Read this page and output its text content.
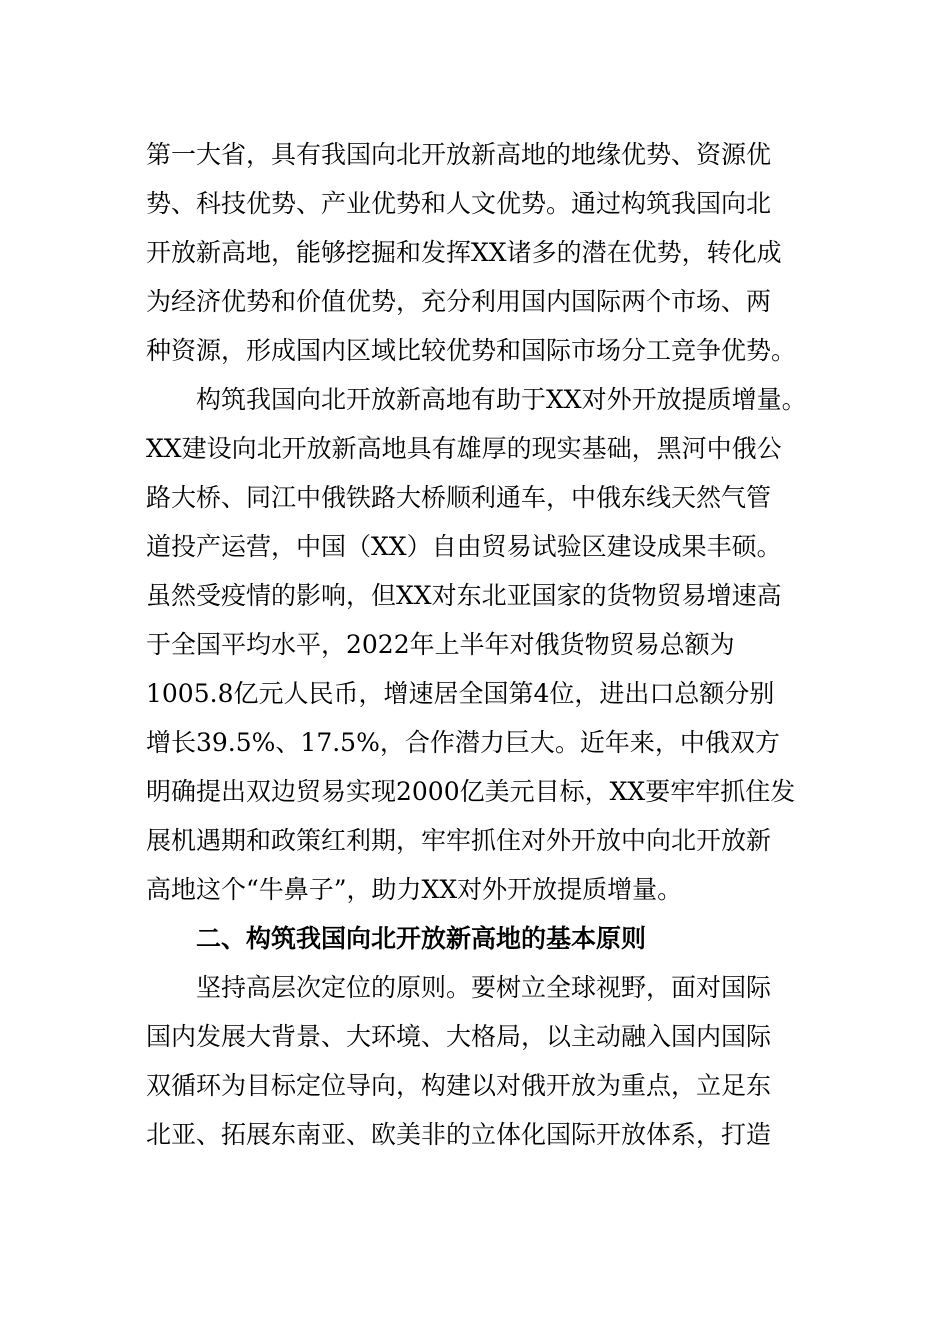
第一大省，具有我国向北开放新高地的地缘优势、资源优
势、科技优势、产业优势和人文优势。通过构筑我国向北
开放新高地，能够挖掘和发挥XX诸多的潜在优势，转化成
为经济优势和价值优势，充分利用国内国际两个市场、两
种资源，形成国内区域比较优势和国际市场分工竞争优势。
构筑我国向北开放新高地有助于XX对外开放提质增量。
XX建设向北开放新高地具有雄厚的现实基础，黑河中俄公
路大桥、同江中俄铁路大桥顺利通车，中俄东线天然气管
道投产运营，中国（XX）自由贸易试验区建设成果丰硕。
虽然受疫情的影响，但XX对东北亚国家的货物贸易增速高
于全国平均水平，2022年上半年对俄货物贸易总额为
1005.8亿元人民币，增速居全国第4位，进出口总额分别
增长39.5%、17.5%，合作潜力巨大。近年来，中俄双方
明确提出双边贸易实现2000亿美元目标，XX要牢牢抓住发
展机遇期和政策红利期，牢牢抓住对外开放中向北开放新
高地这个“牛鼻子”，助力XX对外开放提质增量。
二、构筑我国向北开放新高地的基本原则
坚持高层次定位的原则。要树立全球视野，面对国际
国内发展大背景、大环境、大格局，以主动融入国内国际
双循环为目标定位导向，构建以对俄开放为重点，立足东
北亚、拓展东南亚、欧美非的立体化国际开放体系，打造
